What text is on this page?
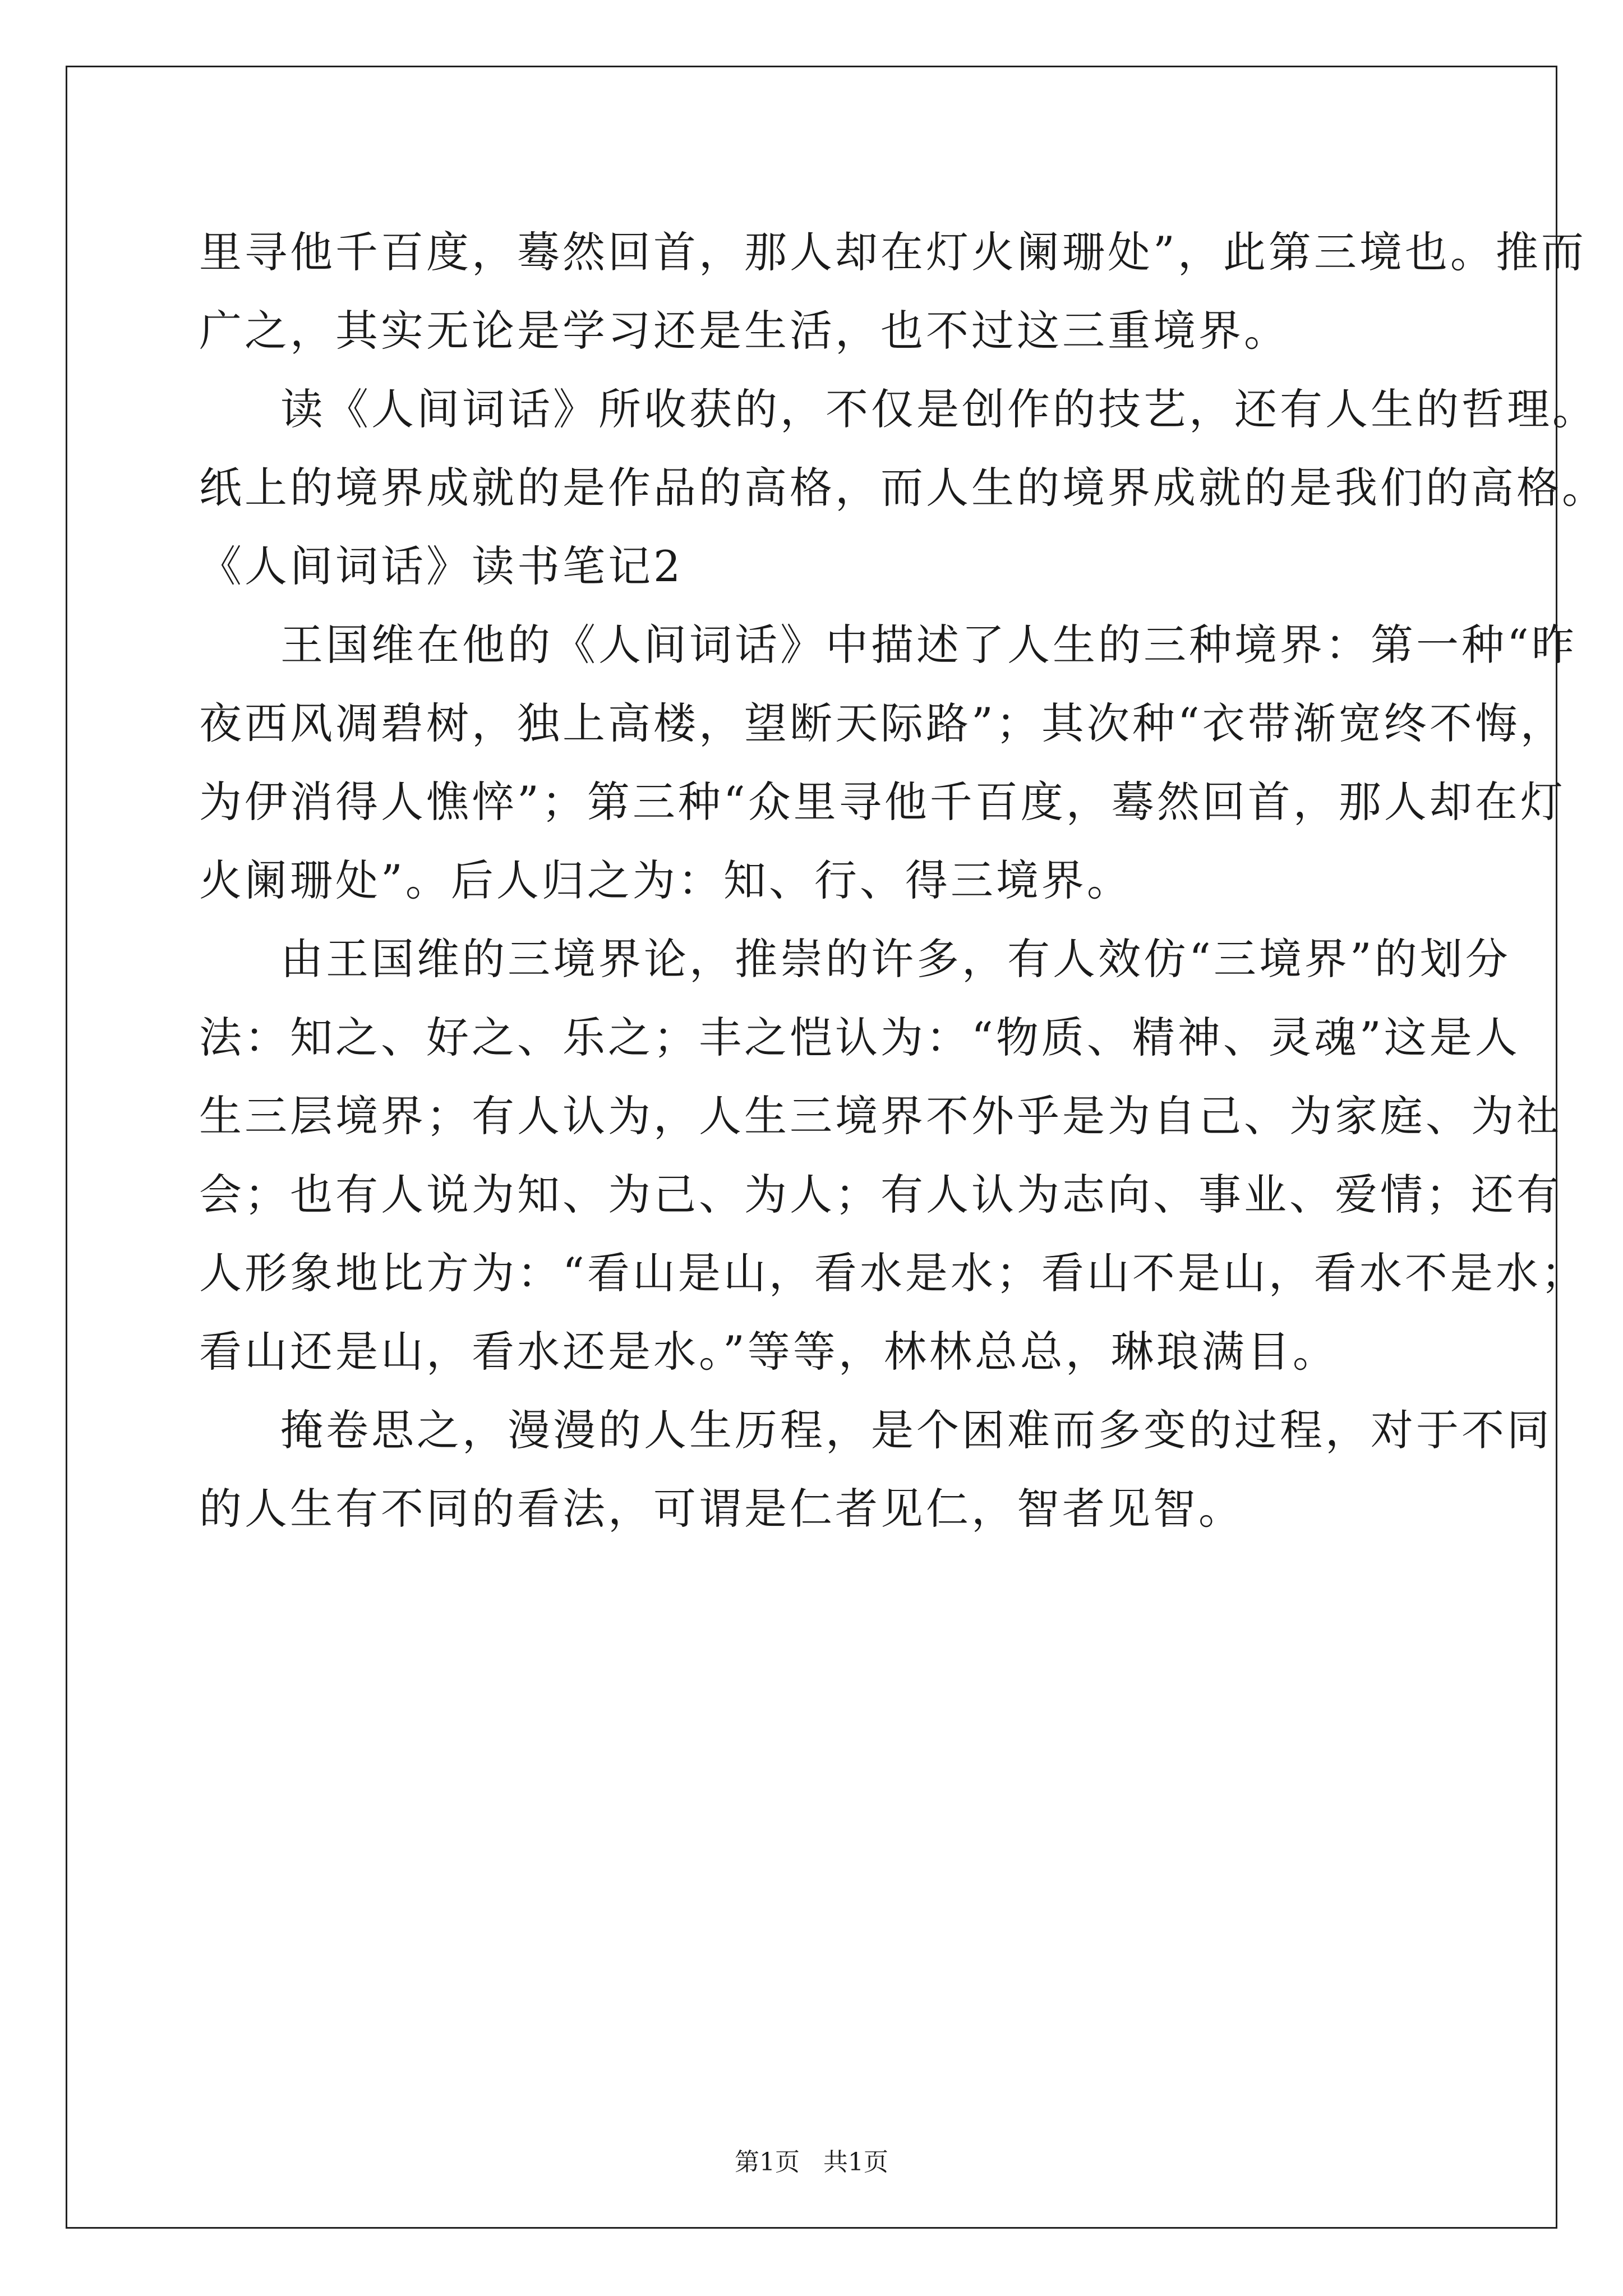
里寻他千百度，蓦然回首，那人却在灯火阑珊处”，此第三境也。推而
广之，其实无论是学习还是生活，也不过这三重境界。
读《人间词话》所收获的，不仅是创作的技艺，还有人生的哲理。
纸上的境界成就的是作品的高格，而人生的境界成就的是我们的高格。
《人间词话》读书笔记2
王国维在他的《人间词话》中描述了人生的三种境界：第一种“昨
夜西风凋碧树，独上高楼，望断天际路”；其次种“衣带渐宽终不悔，
为伊消得人憔悴”；第三种“众里寻他千百度，蓦然回首，那人却在灯
火阑珊处”。后人归之为：知、行、得三境界。
由王国维的三境界论，推崇的许多，有人效仿“三境界”的划分
法：知之、好之、乐之；丰之恺认为：“物质、精神、灵魂”这是人
生三层境界；有人认为，人生三境界不外乎是为自己、为家庭、为社
会；也有人说为知、为己、为人；有人认为志向、事业、爱情；还有
人形象地比方为：“看山是山，看水是水；看山不是山，看水不是水；
看山还是山，看水还是水。”等等，林林总总，琳琅满目。
掩卷思之，漫漫的人生历程，是个困难而多变的过程，对于不同
的人生有不同的看法，可谓是仁者见仁，智者见智。
第1页   共1页
